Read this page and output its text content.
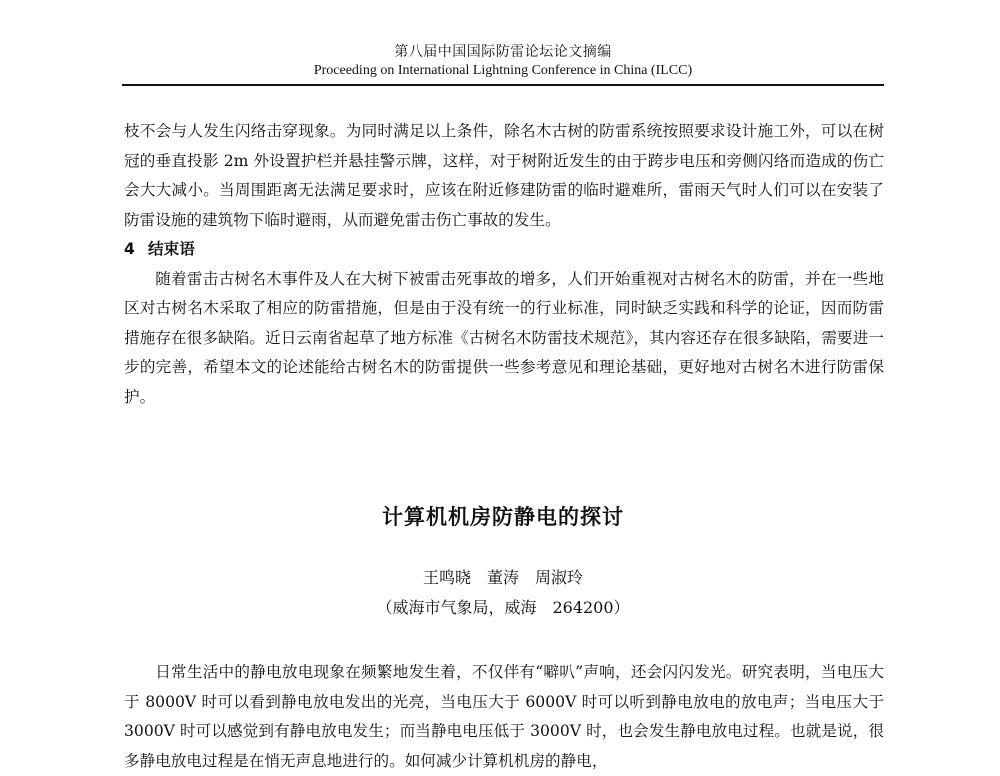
第八届中国国际防雷论坛论文摘编
Proceeding on International Lightning Conference in China (ILCC)

枝不会与人发生闪络击穿现象。为同时满足以上条件，除名木古树的防雷系统按照要求设计施工外，可以在树冠的垂直投影 2m 外设置护栏并悬挂警示牌，这样，对于树附近发生的由于跨步电压和旁侧闪络而造成的伤亡会大大减小。当周围距离无法满足要求时，应该在附近修建防雷的临时避难所，雷雨天气时人们可以在安装了防雷设施的建筑物下临时避雨，从而避免雷击伤亡事故的发生。

4 结束语

随着雷击古树名木事件及人在大树下被雷击死事故的增多，人们开始重视对古树名木的防雷，并在一些地区对古树名木采取了相应的防雷措施，但是由于没有统一的行业标准，同时缺乏实践和科学的论证，因而防雷措施存在很多缺陷。近日云南省起草了地方标准《古树名木防雷技术规范》，其内容还存在很多缺陷，需要进一步的完善，希望本文的论述能给古树名木的防雷提供一些参考意见和理论基础，更好地对古树名木进行防雷保护。

计算机机房防静电的探讨
王鸣晓 董涛 周淑玲
（威海市气象局，威海　264200）

日常生活中的静电放电现象在频繁地发生着，不仅伴有“噼叭”声响，还会闪闪发光。研究表明，当电压大于 8000V 时可以看到静电放电发出的光亮，当电压大于 6000V 时可以听到静电放电的放电声；当电压大于 3000V 时可以感觉到有静电放电发生；而当静电电压低于 3000V 时，也会发生静电放电过程。也就是说，很多静电放电过程是在悄无声息地进行的。如何减少计算机机房的静电，
